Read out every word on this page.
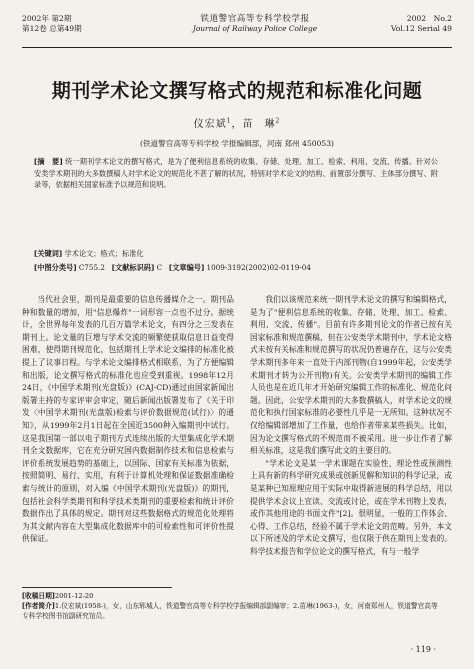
2002年 第2期
第12卷 总第49期
铁道警官高等专科学校学报
Journal of Railway Police College
2002　No.2
Vol.12 Serial 49
期刊学术论文撰写格式的规范和标准化问题
仪宏斌$^1$，苗　琳$^2$
(铁道警官高等专科学校 学报编辑部，河南 郑州 450053)
[摘　要] 统一期刊学术论文的撰写格式，是为了便利信息系统的收集、存储、处理、加工、检索、利用、交流、传播。针对公安类学术期刊的大多数撰稿人对学术论文的规范化不甚了解的状况，特别对学术论文的结构、前置部分撰写、主体部分撰写、附录等，依据相关国家标准予以规范和说明。
[关键词] 学术论文；格式；标准化
[中图分类号] C755.2 [文献标识码] C [文章编号] 1009-3192(2002)02-0119-04

当代社会里，期刊是最重要的信息传播媒介之一。期刊品种和数量的增加，用"信息爆炸"一词形容一点也不过分。据统计，全世界每年发表的几百万篇学术论文，有四分之三发表在期刊上。论文量的巨增与学术交流的频繁使获取信息日益变得困难，使得期刊规范化，包括期刊上学术论文编排的标准化被提上了议事日程。与学术论文编排格式相联系，为了方便编辑和出版，论文撰写格式的标准化也应受到重视。1998年12月24日，《中国学术期刊(光盘版)》(CAJ-CD)通过由国家新闻出版署主持的专家评审会审定，随后新闻出版署发布了《关于印发〈中国学术期刊(光盘版)检索与评价数据规范(试行)〉的通知》，从1999年2月1日起在全国近3500种入编期刊中试行。这是我国第一部以电子期刊方式连续出版的大型集成化学术期刊全文数据库，它在充分研究国内数据制作技术和信息检索与评价系统发展趋势的基础上，以国际、国家有关标准为依据，按照简明、易行、实用，有利于计算机处理和保证数据准确检索与统计的原则，对入编《中国学术期刊(光盘版)》的期刊，包括社会科学类期刊和科学技术类期刊的重要检索和统计评价数据作出了具体的规定。期刊对这些数据格式的规范化处理将为其文献内容在大型集成化数据库中的可检索性和可评价性提供保证。

我们以该规范来统一期刊学术论文的撰写和编辑格式，是为了"便利信息系统的收集、存储、处理、加工、检索、利用、交流、传播"。目前有许多期刊论文的作者已按有关国家标准和规范撰稿，但在公安类学术期刊中，学术论文格式未按有关标准和规范撰写的状况仍普遍存在，这与公安类学术期刊多年来一直处于内部刊物(自1999年起，公安类学术期刊才转为公开刊物)有关。公安类学术期刊的编辑工作人员也是在近几年才开始研究编辑工作的标准化、规范化问题。因此，公安学术期刊的大多数撰稿人，对学术论文的规范化和执行国家标准的必要性几乎是一无所知。这种状况不仅给编辑部增加了工作量，也给作者带来某些损失。比如，因为论文撰写格式的不规范而不被采用。进一步让作者了解相关标准，这是我们撰写此文的主要目的。

"学术论文是某一学术课题在实验性、理论性或预测性上具有新的科学研究成果或创新见解和知识的科学记录，或是某种已知原理应用于实际中取得新进展的科学总结，用以提供学术会议上宣读、交流或讨论，或在学术刊物上发表，或作其他用途的书面文件"[2]。很明显，一般的工作体会、心得、工作总结，经验不属于学术论文的范畴。另外，本文以下所述及的学术论文撰写，也仅限于供在期刊上发表的。科学技术报告和学位论文的撰写格式，有与一般学

[收稿日期]2001-12-20
[作者简介]1.仪宏斌(1958-)，女，山东郓城人，铁道警官高等专科学校学报编辑部副编审；2.苗琳(1963-)，女，河南郑州人，铁道警官高等专科学校图书馆副研究馆员。
· 119 ·
